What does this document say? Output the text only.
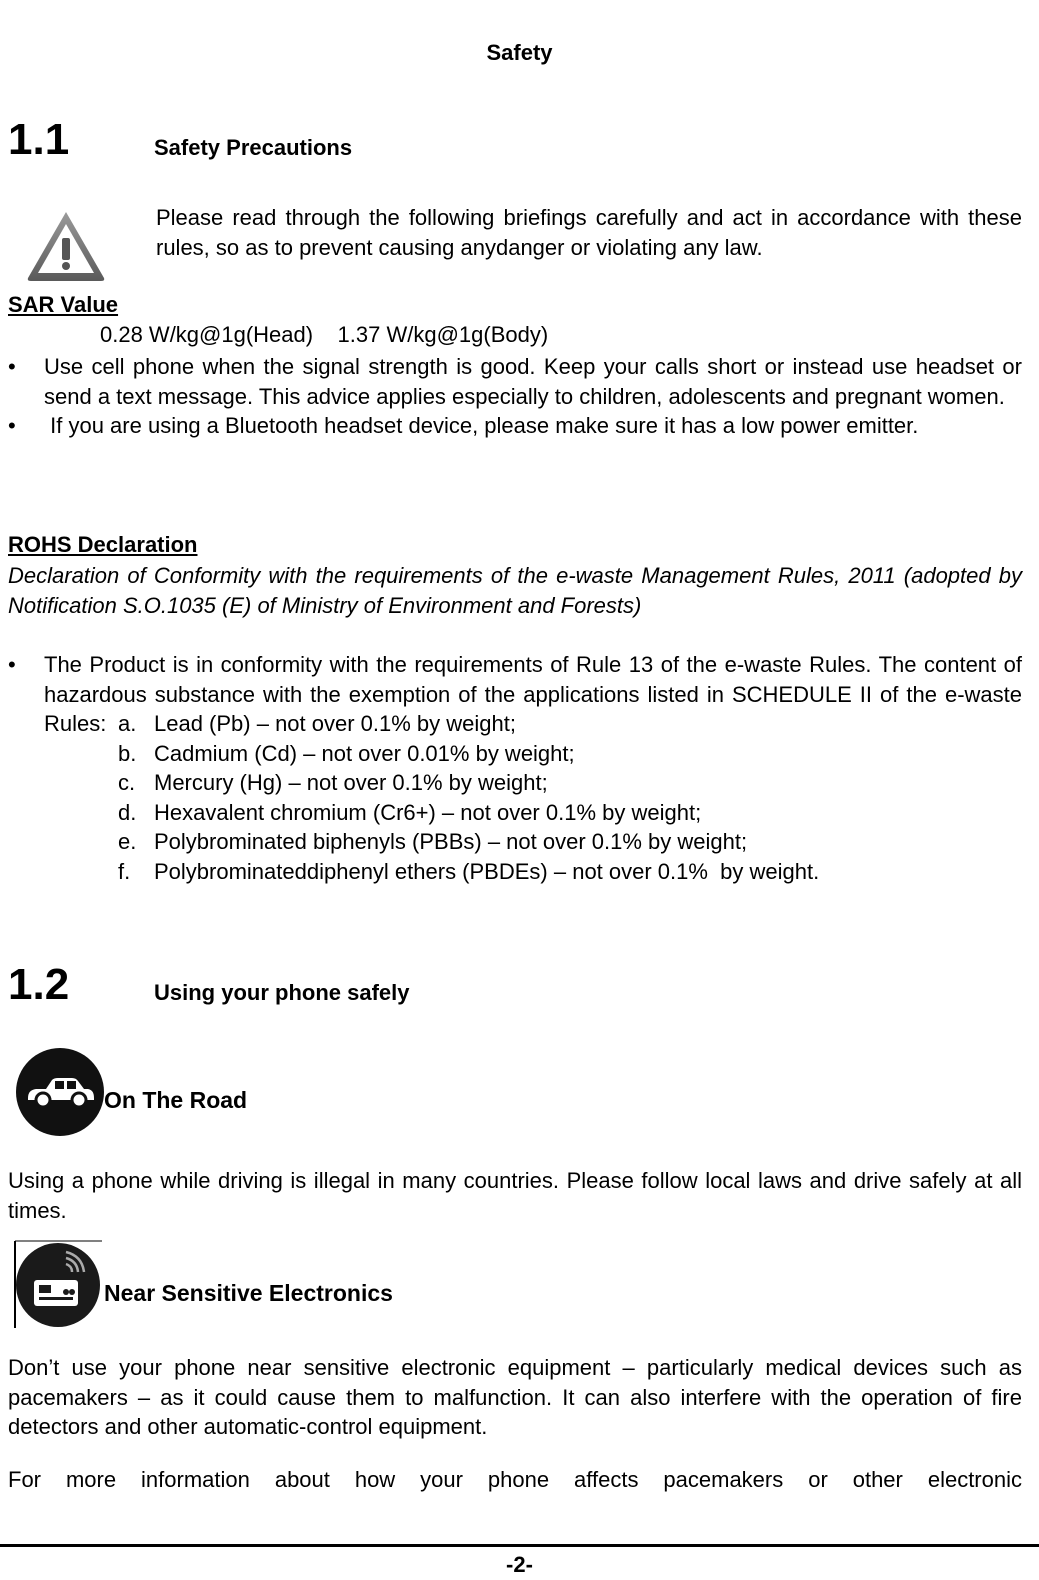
Safety
1.1	Safety Precautions
Please read through the following briefings carefully and act in accordance with these rules, so as to prevent causing anydanger or violating any law.
SAR Value
0.28 W/kg@1g(Head)    1.37 W/kg@1g(Body)
• Use cell phone when the signal strength is good. Keep your calls short or instead use headset or send a text message. This advice applies especially to children, adolescents and pregnant women.
• If you are using a Bluetooth headset device, please make sure it has a low power emitter.
ROHS Declaration
Declaration of Conformity with the requirements of the e-waste Management Rules, 2011 (adopted by Notification S.O.1035 (E) of Ministry of Environment and Forests)
• The Product is in conformity with the requirements of Rule 13 of the e-waste Rules. The content of hazardous substance with the exemption of the applications listed in SCHEDULE II of the e-waste Rules: a. Lead (Pb) – not over 0.1% by weight;
b. Cadmium (Cd) – not over 0.01% by weight;
c. Mercury (Hg) – not over 0.1% by weight;
d. Hexavalent chromium (Cr6+) – not over 0.1% by weight;
e. Polybrominated biphenyls (PBBs) – not over 0.1% by weight;
f. Polybrominateddiphenyl ethers (PBDEs) – not over 0.1%  by weight.
1.2	Using your phone safely
On The Road
Using a phone while driving is illegal in many countries. Please follow local laws and drive safely at all times.
Near Sensitive Electronics
Don’t use your phone near sensitive electronic equipment – particularly medical devices such as pacemakers – as it could cause them to malfunction. It can also interfere with the operation of fire detectors and other automatic-control equipment.
For more information about how your phone affects pacemakers or other electronic
-2-
